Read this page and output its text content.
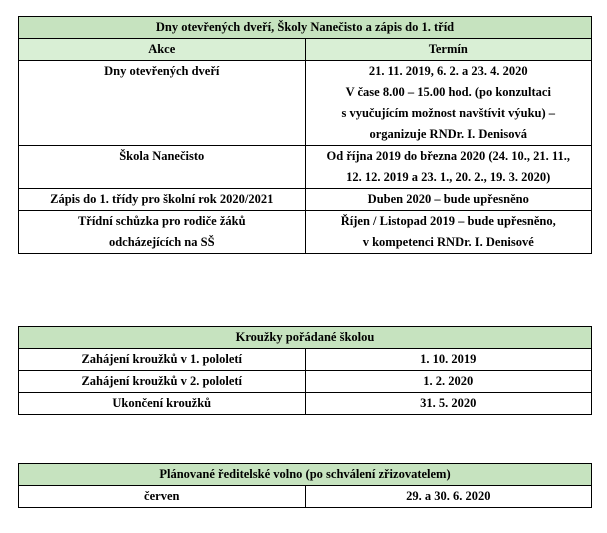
Dny otevřených dveří, Školy Nanečisto a zápis do 1. tříd	
Akce	Termín

Dny otevřených dveří	21. 11. 2019, 6. 2. a 23. 4. 2020
V čase 8.00 – 15.00 hod. (po konzultaci
s vyučujícím možnost navštívit výuku) –
organizuje RNDr. I. Denisová

Škola Nanečisto	Od října 2019 do března 2020 (24. 10., 21. 11.,
12. 12. 2019 a 23. 1., 20. 2., 19. 3. 2020)

Zápis do 1. třídy pro školní rok 2020/2021	Duben 2020 – bude upřesněno

Třídní schůzka pro rodiče žáků
odcházejících na SŠ	Říjen / Listopad 2019 – bude upřesněno,
v kompetenci RNDr. I. Denisové
Kroužky pořádané školou	
Zahájení kroužků v 1. pololetí	1. 10. 2019
Zahájení kroužků v 2. pololetí	1. 2. 2020
Ukončení kroužků	31. 5. 2020
Plánované ředitelské volno (po schválení zřizovatelem)
červen	29. a 30. 6. 2020
